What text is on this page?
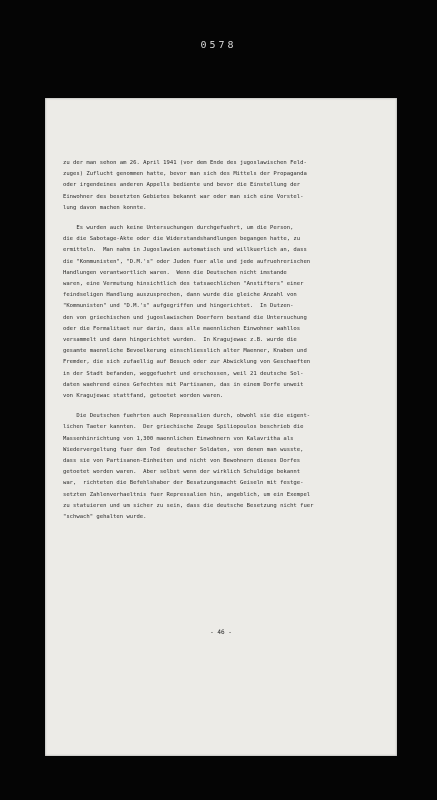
0578
zu der man sehon am 26. April 1941 (vor dem Ende des jugoslawischen Feld-
zuges) Zuflucht genommen hatte, bevor man sich des Mittels der Propaganda
oder irgendeines anderen Appells bediente und bevor die Einstellung der
Einwohner des besetzten Gebietes bekannt war oder man sich eine Vorstel-
lung davon machen konnte.
Es wurden auch keine Untersuchungen durchgefuehrt, um die Person,
die die Sabotage-Akte oder die Widerstandshandlungen begangen hatte, zu
ermitteln.  Man nahm in Jugoslawien automatisch und willkuerlich an, dass
die "Kommunisten", "D.M.'s" oder Juden fuer alle und jede aufruehrerischen
Handlungen verantwortlich waren.  Wenn die Deutschen nicht imstande
waren, eine Vermutung hinsichtlich des tatsaechlichen "Anstifters" einer
feindseligen Handlung auszusprechen, dann wurde die gleiche Anzahl von
"Kommunisten" und "D.M.'s" aufgegriffen und hingerichtet.  In Dutzen-
den von griechischen und jugoslawischen Doerfern bestand die Untersuchung
oder die Formalitaet nur darin, dass alle maennlichen Einwohner wahllos
versammelt und dann hingerichtet wurden.  In Kragujewac z.B. wurde die
gesamte maennliche Bevoelkerung einschliesslich alter Maenner, Knaben und
Fremder, die sich zufaellig auf Besuch oder zur Abwicklung von Geschaeften
in der Stadt befanden, weggefuehrt und erschossen, weil 21 deutsche Sol-
daten waehrend eines Gefechtes mit Partisanen, das in einem Dorfe unweit
von Kragujewac stattfand, getoetet worden waren.
Die Deutschen fuehrten auch Repressalien durch, obwohl sie die eigent-
lichen Taeter kannten.  Der griechische Zeuge Spiliopoulos beschrieb die
Massenhinrichtung von 1,300 maennlichen Einwohnern von Kalavritha als
Wiedervergeltung fuer den Tod  deutscher Soldaten, von denen man wusste,
dass sie von Partisanen-Einheiten und nicht von Bewohnern dieses Dorfes
getoetet worden waren.  Aber selbst wenn der wirklich Schuldige bekannt
war,  richteten die Befehlshaber der Besatzungsmacht Geiseln mit festge-
setzten Zahlenverhaeltnis fuer Repressalien hin, angeblich, um ein Exempel
zu statuieren und um sicher zu sein, dass die deutsche Besetzung nicht fuer
"schwach" gehalten wurde.
- 46 -
